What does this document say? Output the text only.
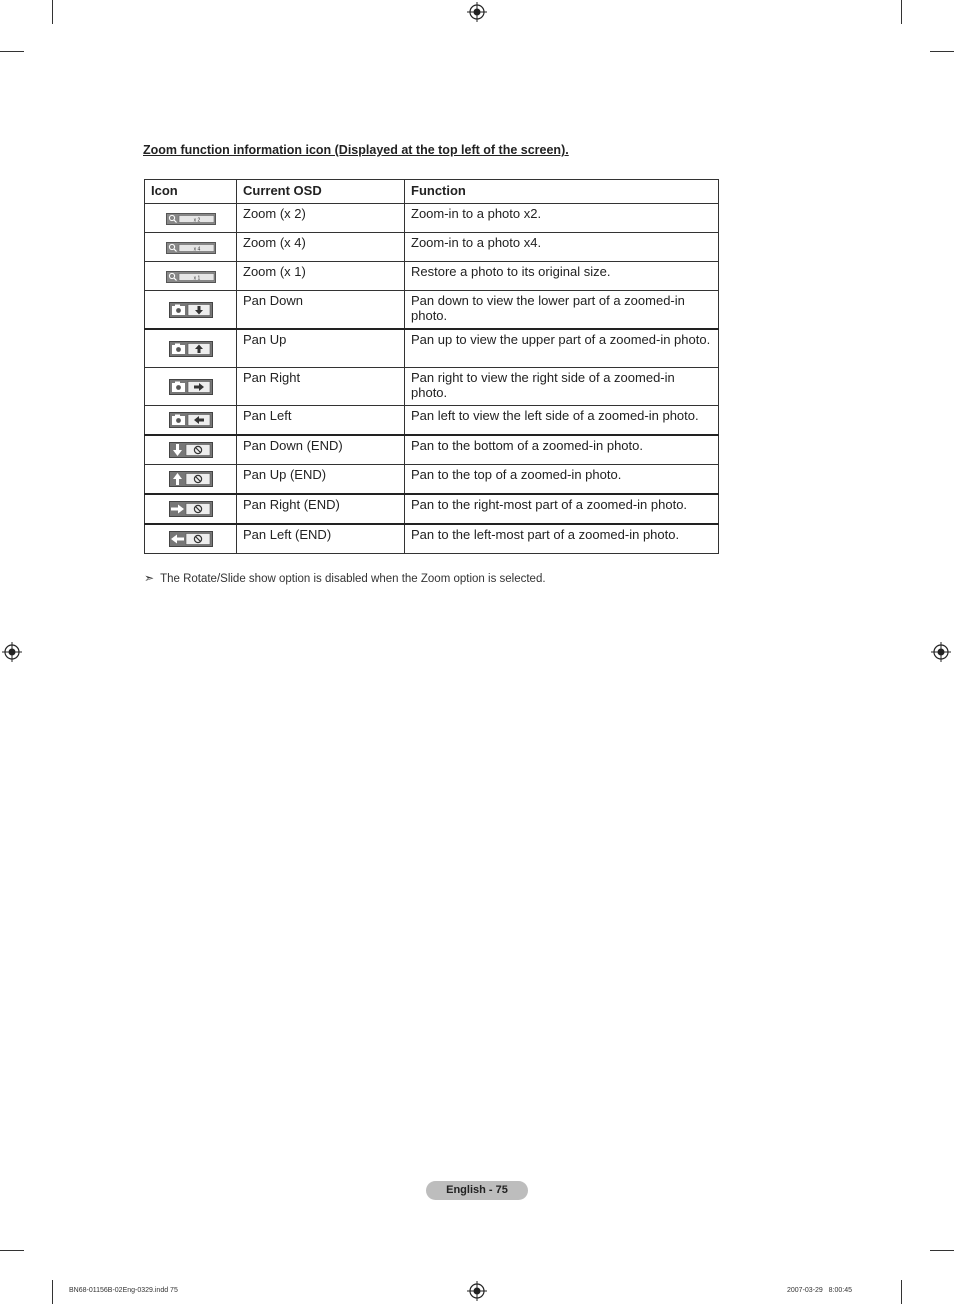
Zoom function information icon (Displayed at the top left of the screen).
Icon	Current OSD	Function

x 2	Zoom (x 2)	Zoom-in to a photo x2.

x 4	Zoom (x 4)	Zoom-in to a photo x4.

x 1	Zoom (x 1)	Restore a photo to its original size.
	Pan Down	Pan down to view the lower part of a zoomed-in photo.
	Pan Up	Pan up to view the upper part of a zoomed-in photo.
	Pan Right	Pan right to view the right side of a zoomed-in photo.
	Pan Left	Pan left to view the left side of a zoomed-in photo.
	Pan Down (END)	Pan to the bottom of a zoomed-in photo.
	Pan Up (END)	Pan to the top of a zoomed-in photo.
	Pan Right (END)	Pan to the right-most part of a zoomed-in photo.
	Pan Left (END)	Pan to the left-most part of a zoomed-in photo.
➣ The Rotate/Slide show option is disabled when the Zoom option is selected.
English - 75
BN68-01156B-02Eng-0329.indd 75	2007-03-29   8:00:45
